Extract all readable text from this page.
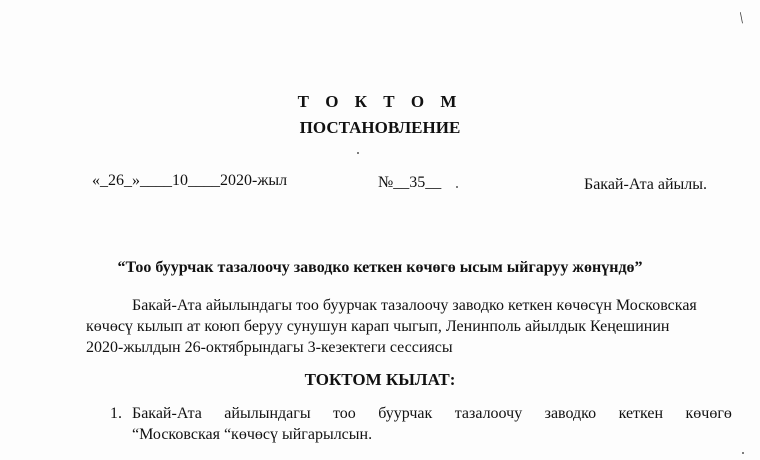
\
Т О К Т О М
ПОСТАНОВЛЕНИЕ
«_26_»____10____2020-жыл	№__35__	Бакай-Ата айылы.
“Тоо буурчак тазалоочу заводко кеткен көчөгө ысым ыйгаруу жөнүндө”
Бакай-Ата айылындагы тоо буурчак тазалоочу заводко кеткен көчөсүн Московская
көчөсү кылып ат коюп беруу сунушун карап чыгып, Ленинполь айылдык Кеңешинин
2020-жылдын 26-октябрындагы 3-кезектеги сессиясы
ТОКТОМ КЫЛАТ:
1. Бакай-Ата айылындагы тоо буурчак тазалоочу заводко кеткен көчөгө
“Московская “көчөсү ыйгарылсын.
